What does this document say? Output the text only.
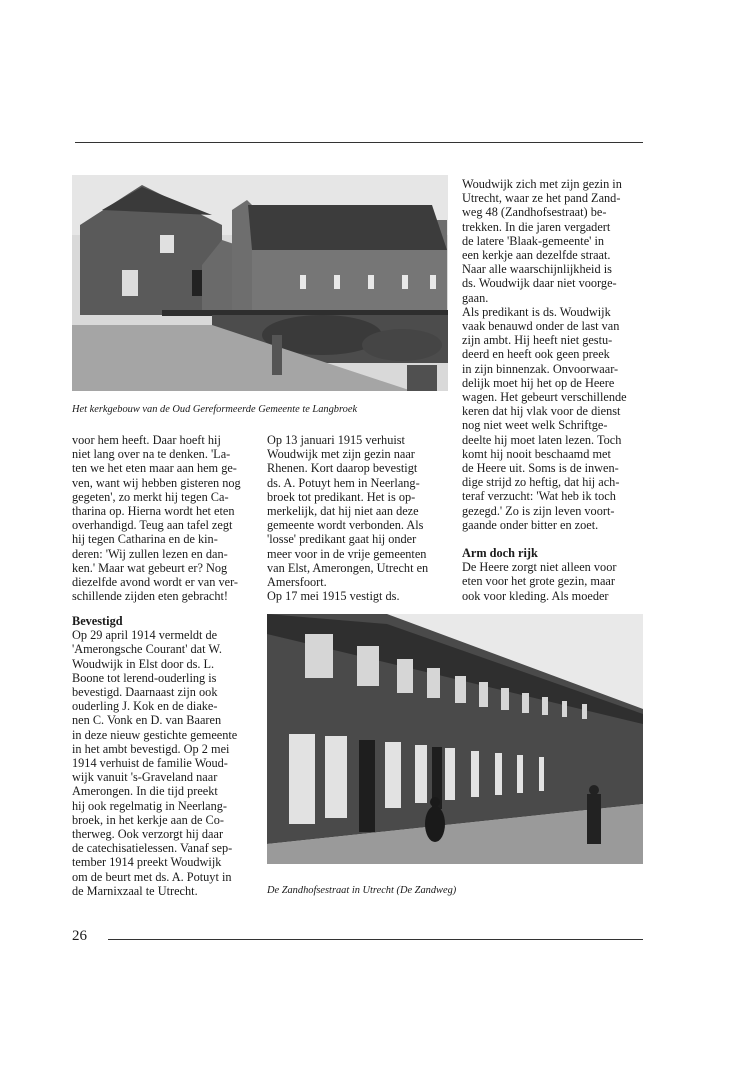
Het kerkgebouw van de Oud Gereformeerde Gemeente te Langbroek

voor hem heeft. Daar hoeft hij

niet lang over na te denken. 'La-

ten we het eten maar aan hem ge-

ven, want wij hebben gisteren nog

gegeten', zo merkt hij tegen Ca-

tharina op. Hierna wordt het eten

overhandigd. Teug aan tafel zegt

hij tegen Catharina en de kin-

deren: 'Wij zullen lezen en dan-

ken.' Maar wat gebeurt er? Nog

diezelfde avond wordt er van ver-

schillende zijden eten gebracht!

Op 13 januari 1915 verhuist

Woudwijk met zijn gezin naar

Rhenen. Kort daarop bevestigt

ds. A. Potuyt hem in Neerlang-

broek tot predikant. Het is op-

merkelijk, dat hij niet aan deze

gemeente wordt verbonden. Als

'losse' predikant gaat hij onder

meer voor in de vrije gemeenten

van Elst, Amerongen, Utrecht en

Amersfoort.

Op 17 mei 1915 vestigt ds.

Woudwijk zich met zijn gezin in

Utrecht, waar ze het pand Zand-

weg 48 (Zandhofsestraat) be-

trekken. In die jaren vergadert

de latere 'Blaak-gemeente' in

een kerkje aan dezelfde straat.

Naar alle waarschijnlijkheid is

ds. Woudwijk daar niet voorge-

gaan.

Als predikant is ds. Woudwijk

vaak benauwd onder de last van

zijn ambt. Hij heeft niet gestu-

deerd en heeft ook geen preek

in zijn binnenzak. Onvoorwaar-

delijk moet hij het op de Heere

wagen. Het gebeurt verschillende

keren dat hij vlak voor de dienst

nog niet weet welk Schriftge-

deelte hij moet laten lezen. Toch

komt hij nooit beschaamd met

de Heere uit. Soms is de inwen-

dige strijd zo heftig, dat hij ach-

teraf verzucht: 'Wat heb ik toch

gezegd.' Zo is zijn leven voort-

gaande onder bitter en zoet.

Arm doch rijk

De Heere zorgt niet alleen voor

eten voor het grote gezin, maar

ook voor kleding. Als moeder

Bevestigd

Op 29 april 1914 vermeldt de

'Amerongsche Courant' dat W.

Woudwijk in Elst door ds. L.

Boone tot lerend-ouderling is

bevestigd. Daarnaast zijn ook

ouderling J. Kok en de diake-

nen C. Vonk en D. van Baaren

in deze nieuw gestichte gemeente

in het ambt bevestigd. Op 2 mei

1914 verhuist de familie Woud-

wijk vanuit 's-Graveland naar

Amerongen. In die tijd preekt

hij ook regelmatig in Neerlang-

broek, in het kerkje aan de Co-

therweg. Ook verzorgt hij daar

de catechisatielessen. Vanaf sep-

tember 1914 preekt Woudwijk

om de beurt met ds. A. Potuyt in

de Marnixzaal te Utrecht.	De Zandhofsestraat in Utrecht (De Zandweg)
26
